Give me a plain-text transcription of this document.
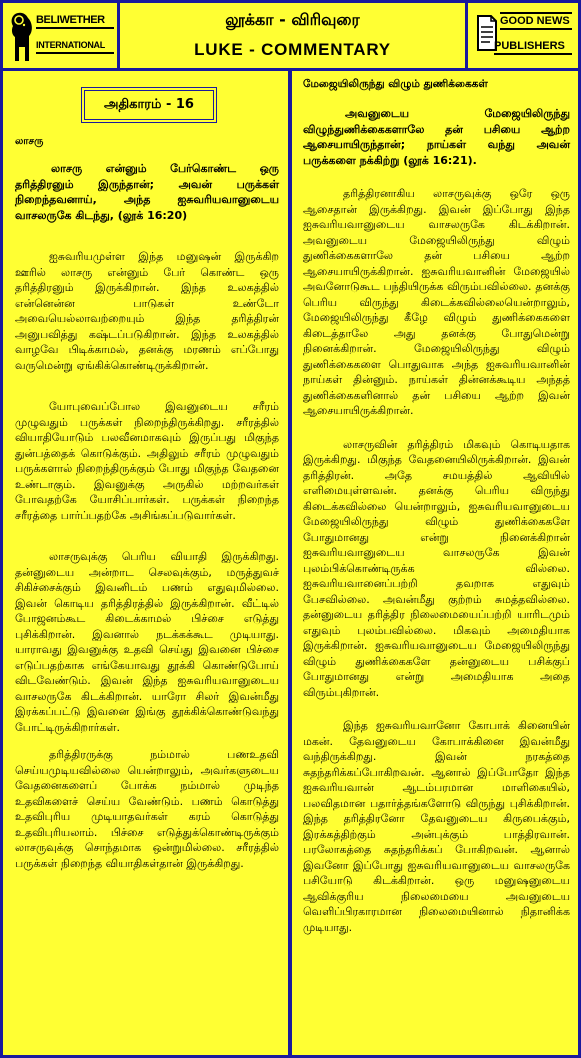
BELIWETHER
INTERNATIONAL
லூக்கா - விரிவுரை
LUKE - COMMENTARY
GOOD NEWS
PUBLISHERS
அதிகாரம் - 16
லாசரு

லாசரு என்னும் பேர்கொண்ட ஒரு தரித்திரனும் இருந்தான்; அவன் பருக்கள் நிறைந்தவனாய், அந்த ஐசுவரியவானுடைய வாசலருகே கிடந்து, (லூக் 16:20)

ஐசுவரியமுள்ள இந்த மனுஷன் இருக்கிற ஊரில் லாசரு என்னும் பேர் கொண்ட ஒரு தரித்திரனும் இருக்கிறான். இந்த உலகத்தில் என்னென்ன பாடுகள் உண்டோ அவையெல்லாவற்றையும் இந்த தரித்திரன் அனுபவித்து கஷ்டப்படுகிறான். இந்த உலகத்தில் வாழவே பிடிக்காமல், தனக்கு மரணம் எப்போது வருமென்று ஏங்கிக்கொண்டிருக்கிறான்.

யோபுவைப்போல இவனுடைய சரீரம் முழுவதும் பருக்கள் நிறைந்திருக்கிறது. சரீரத்தில் வியாதியோடும் பலவீனமாகவும் இருப்பது மிகுந்த துன்பத்தைக் கொடுக்கும். அதிலும் சரீரம் முழுவதும் பருக்களால் நிறைந்திருக்கும் போது மிகுந்த வேதனை உண்டாகும். இவனுக்கு அருகில் மற்றவர்கள் போவதற்கே யோசிப்பார்கள். பருக்கள் நிறைந்த சரீரத்தை பார்ப்பதற்கே அசிங்கப்படுவார்கள்.

லாசருவுக்கு பெரிய வியாதி இருக்கிறது. தன்னுடைய அன்றாட செலவுக்கும், மருத்துவச் சிகிச்சைக்கும் இவனிடம் பணம் எதுவுமில்லை. இவன் கொடிய தரித்திரத்தில் இருக்கிறான். வீட்டில் போஜனம்கூட கிடைக்காமல் பிச்சை எடுத்து புசிக்கிறான். இவனால் நடக்கக்கூட முடியாது. யாராவது இவனுக்கு உதவி செய்து இவனை பிச்சை எடுப்பதற்காக எங்கேயாவது தூக்கி கொண்டுபோய் விடவேண்டும். இவன் இந்த ஐசுவரியவானுடைய வாசலருகே கிடக்கிறான். யாரோ சிலர் இவன்மீது இரக்கப்பட்டு இவனை இங்கு தூக்கிக்கொண்டுவந்து போட்டிருக்கிறார்கள்.

தரித்திரருக்கு நம்மால் பணஉதவி செய்யமுடியவில்லை யென்றாலும், அவர்களுடைய வேதனைகளைப் போக்க நம்மால் முடிந்த உதவிகளைச் செய்ய வேண்டும். பணம் கொடுத்து உதவிபுரிய முடியாதவர்கள் கரம் கொடுத்து உதவிபுரியலாம். பிச்சை எடுத்துக்கொண்டிருக்கும் லாசருவுக்கு சொந்தமாக ஒன்றுமில்லை. சரீரத்தில் பருக்கள் நிறைந்த வியாதிகள்தான் இருக்கிறது.

மேஜையிலிருந்து விழும் துணிக்கைகள்

அவனுடைய மேஜையிலிருந்து விழுந்துணிக்கைகளாலே தன் பசியை ஆற்ற ஆசையாயிருந்தான்; நாய்கள் வந்து அவன் பருக்களை நக்கிற்று (லூக் 16:21).

தரித்திரனாகிய லாசருவுக்கு ஒரே ஒரு ஆசைதான் இருக்கிறது. இவன் இப்போது இந்த ஐசுவரியவானுடைய வாசலருகே கிடக்கிறான். அவனுடைய மேஜையிலிருந்து விழும் துணிக்கைகளாலே தன் பசியை ஆற்ற ஆசையாயிருக்கிறான். ஐசுவரியவானின் மேஜையில் அவனோடுகூட பந்தியிருக்க விரும்பவில்லை. தனக்கு பெரிய விருந்து கிடைக்கவில்லையென்றாலும், மேஜையிலிருந்து கீழே விழும் துணிக்கைகளை கிடைத்தாலே அது தனக்கு போதுமென்று நினைக்கிறான். மேஜையிலிருந்து விழும் துணிக்கைகளை பொதுவாக அந்த ஐசுவரியவானின் நாய்கள் தின்னும். நாய்கள் தின்னக்கூடிய அந்தத் துணிக்கைகளினால் தன் பசியை ஆற்ற இவன் ஆசையாயிருக்கிறான்.

லாசருவின் தரித்திரம் மிகவும் கொடியதாக இருக்கிறது. மிகுந்த வேதனையிலிருக்கிறான். இவன் தரித்திரன். அதே சமயத்தில் ஆவியில் எளிமையுள்ளவன். தனக்கு பெரிய விருந்து கிடைக்கவில்லை யென்றாலும், ஐசுவரியவானுடைய மேஜையிலிருந்து விழும் துணிக்கைகளே போதுமானது என்று நினைக்கிறான் ஐசுவரியவானுடைய வாசலருகே இவன் புலம்பிக்கொண்டிருக்க வில்லை. ஐசுவரியவானைப்பற்றி தவறாக எதுவும் பேசவில்லை. அவன்மீது குற்றம் சுமத்தவில்லை. தன்னுடைய தரித்திர நிலைமையைப்பற்றி யாரிடமும் எதுவும் புலம்பவில்லை. மிகவும் அமைதியாக இருக்கிறான். ஐசுவரியவானுடைய மேஜையிலிருந்து விழும் துணிக்கைகளே தன்னுடைய பசிக்குப் போதுமானது என்று அமைதியாக அதை விரும்புகிறான்.

இந்த ஐசுவரியவானோ கோபாக் கினையின் மகன். தேவனுடைய கோபாக்கினை இவன்மீது வந்திருக்கிறது. இவன் நரகத்தை சுதந்தரிக்கப்போகிறவன். ஆனால் இப்போதோ இந்த ஐசுவரியவான் ஆடம்பரமான மாளிகையில், பலவிதமான பதார்த்தங்களோடு விருந்து புசிக்கிறான். இந்த தரித்திரனோ தேவனுடைய கிருபைக்கும், இரக்கத்திற்கும் அன்புக்கும் பாத்திரவான். பரலோகத்தை சுதந்தரிக்கப் போகிறவன். ஆனால் இவனோ இப்போது ஐசுவரியவானுடைய வாசலருகே பசியோடு கிடக்கிறான். ஒரு மனுஷனுடைய ஆவிக்குரிய நிலைமையை அவனுடைய வெளிப்பிரகாரமான நிலைமையினால் நிதானிக்க முடியாது.
